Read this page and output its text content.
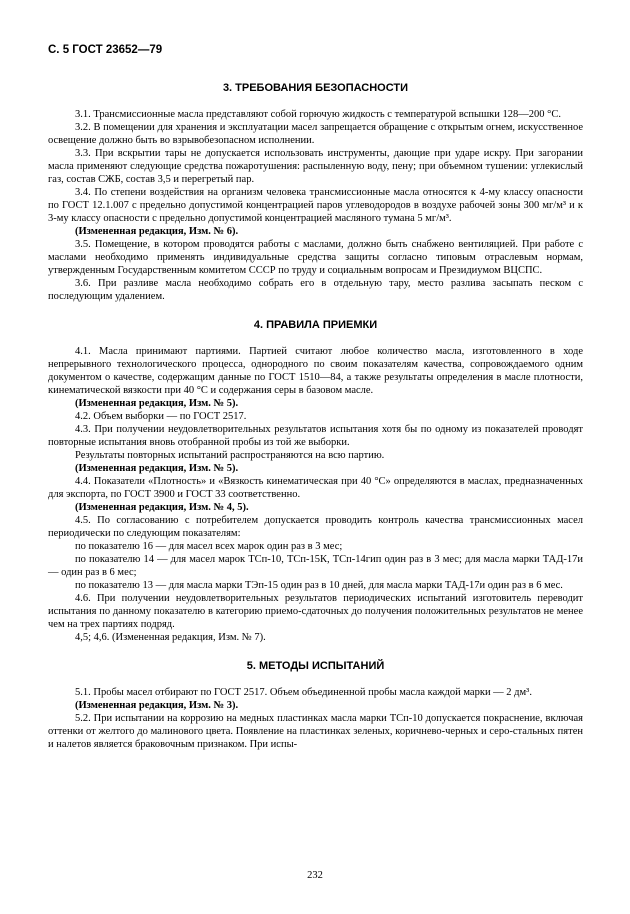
С. 5 ГОСТ 23652—79
3. ТРЕБОВАНИЯ БЕЗОПАСНОСТИ

3.1. Трансмиссионные масла представляют собой горючую жидкость с температурой вспышки 128—200 °С.

3.2. В помещении для хранения и эксплуатации масел запрещается обращение с открытым огнем, искусственное освещение должно быть во взрывобезопасном исполнении.

3.3. При вскрытии тары не допускается использовать инструменты, дающие при ударе искру. При загорании масла применяют следующие средства пожаротушения: распыленную воду, пену; при объемном тушении: углекислый газ, состав СЖБ, состав 3,5 и перегретый пар.

3.4. По степени воздействия на организм человека трансмиссионные масла относятся к 4-му классу опасности по ГОСТ 12.1.007 с предельно допустимой концентрацией паров углеводородов в воздухе рабочей зоны 300 мг/м³ и к 3-му классу опасности с предельно допустимой концентрацией масляного тумана 5 мг/м³.

(Измененная редакция, Изм. № 6).

3.5. Помещение, в котором проводятся работы с маслами, должно быть снабжено вентиляцией. При работе с маслами необходимо применять индивидуальные средства защиты согласно типовым отраслевым нормам, утвержденным Государственным комитетом СССР по труду и социальным вопросам и Президиумом ВЦСПС.

3.6. При разливе масла необходимо собрать его в отдельную тару, место разлива засыпать песком с последующим удалением.

4. ПРАВИЛА ПРИЕМКИ

4.1. Масла принимают партиями. Партией считают любое количество масла, изготовленного в ходе непрерывного технологического процесса, однородного по своим показателям качества, сопровождаемого одним документом о качестве, содержащим данные по ГОСТ 1510—84, а также результаты определения в масле плотности, кинематической вязкости при 40 °С и содержания серы в базовом масле.

(Измененная редакция, Изм. № 5).

4.2. Объем выборки — по ГОСТ 2517.

4.3. При получении неудовлетворительных результатов испытания хотя бы по одному из показателей проводят повторные испытания вновь отобранной пробы из той же выборки.

Результаты повторных испытаний распространяются на всю партию.

(Измененная редакция, Изм. № 5).

4.4. Показатели «Плотность» и «Вязкость кинематическая при 40 °С» определяются в маслах, предназначенных для экспорта, по ГОСТ 3900 и ГОСТ 33 соответственно.

(Измененная редакция, Изм. № 4, 5).

4.5. По согласованию с потребителем допускается проводить контроль качества трансмиссионных масел периодически по следующим показателям:

по показателю 16 — для масел всех марок один раз в 3 мес;

по показателю 14 — для масел марок ТСп-10, ТСп-15К, ТСп-14гип один раз в 3 мес; для масла марки ТАД-17и — один раз в 6 мес;

по показателю 13 — для масла марки ТЭп-15 один раз в 10 дней, для масла марки ТАД-17и один раз в 6 мес.

4.6. При получении неудовлетворительных результатов периодических испытаний изготовитель переводит испытания по данному показателю в категорию приемо-сдаточных до получения положительных результатов не менее чем на трех партиях подряд.

4,5; 4,6. (Измененная редакция, Изм. № 7).

5. МЕТОДЫ ИСПЫТАНИЙ

5.1. Пробы масел отбирают по ГОСТ 2517. Объем объединенной пробы масла каждой марки — 2 дм³.

(Измененная редакция, Изм. № 3).

5.2. При испытании на коррозию на медных пластинках масла марки ТСп-10 допускается покраснение, включая оттенки от желтого до малинового цвета. Появление на пластинках зеленых, коричнево-черных и серо-стальных пятен и налетов является браковочным признаком. При испы-

232
